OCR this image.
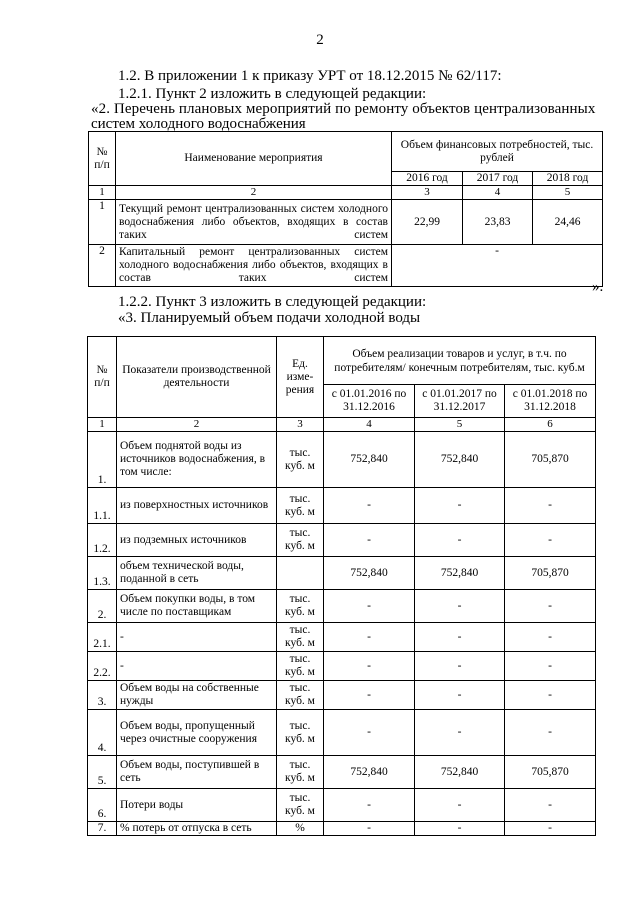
2
1.2. В приложении 1 к приказу УРТ от 18.12.2015 № 62/117:
1.2.1. Пункт 2 изложить в следующей редакции:
«2. Перечень плановых мероприятий по ремонту объектов централизованных
систем холодного водоснабжения
№ п/п	Наименование мероприятия	Объем финансовых потребностей, тыс. рублей		
		2016 год	2017 год	2018 год
1	2	3	4	5
1	Текущий ремонт централизованных систем холодного водоснабжения либо объектов, входящих в состав таких систем	22,99	23,83	24,46
2	Капитальный ремонт централизованных систем холодного водоснабжения либо объектов, входящих в состав таких систем	-		
».
1.2.2. Пункт 3 изложить в следующей редакции:
«3. Планируемый объем подачи холодной воды
№ п/п	Показатели производственной деятельности	Ед. изме-рения	Объем реализации товаров и услуг, в т.ч. по потребителям/ конечным потребителям, тыс. куб.м		
			с 01.01.2016 по 31.12.2016	с 01.01.2017 по 31.12.2017	с 01.01.2018 по 31.12.2018
1	2	3	4	5	6
1.	Объем поднятой воды из источников водоснабжения, в том числе:	тыс. куб. м	752,840	752,840	705,870
1.1.	из поверхностных источников	тыс. куб. м	-	-	-
1.2.	из подземных источников	тыс. куб. м	-	-	-
1.3.	объем технической воды, поданной в сеть		752,840	752,840	705,870
2.	Объем покупки воды, в том числе по поставщикам	тыс. куб. м	-	-	-
2.1.	-	тыс. куб. м	-	-	-
2.2.	-	тыс. куб. м	-	-	-
3.	Объем воды на собственные нужды	тыс. куб. м	-	-	-
4.	Объем воды, пропущенный через очистные сооружения	тыс. куб. м	-	-	-
5.	Объем воды, поступившей в сеть	тыс. куб. м	752,840	752,840	705,870
6.	Потери воды	тыс. куб. м	-	-	-
7.	% потерь от отпуска в сеть	%	-	-	-
